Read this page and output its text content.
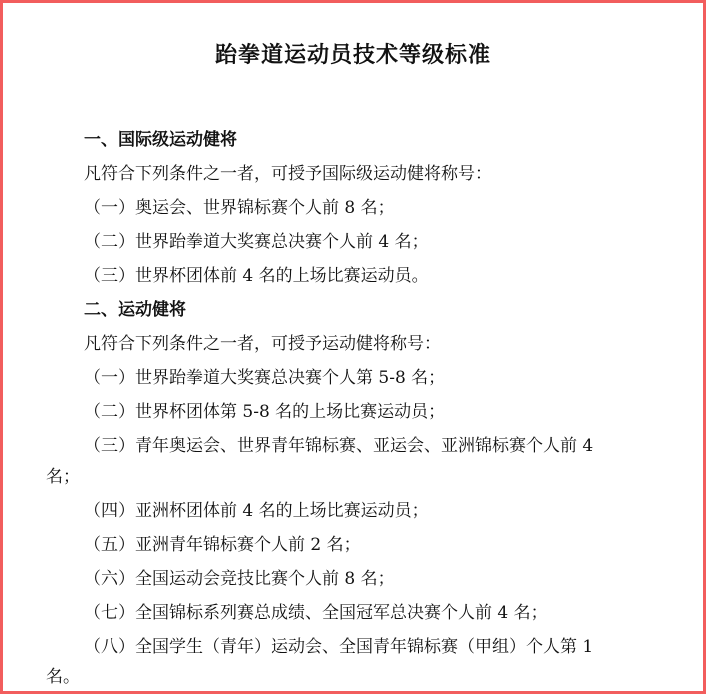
跆拳道运动员技术等级标准

一、国际级运动健将

凡符合下列条件之一者，可授予国际级运动健将称号：

（一）奥运会、世界锦标赛个人前 8 名；

（二）世界跆拳道大奖赛总决赛个人前 4 名；

（三）世界杯团体前 4 名的上场比赛运动员。

二、运动健将

凡符合下列条件之一者，可授予运动健将称号：

（一）世界跆拳道大奖赛总决赛个人第 5-8 名；

（二）世界杯团体第 5-8 名的上场比赛运动员；

（三）青年奥运会、世界青年锦标赛、亚运会、亚洲锦标赛个人前 4

名；

（四）亚洲杯团体前 4 名的上场比赛运动员；

（五）亚洲青年锦标赛个人前 2 名；

（六）全国运动会竞技比赛个人前 8 名；

（七）全国锦标系列赛总成绩、全国冠军总决赛个人前 4 名；

（八）全国学生（青年）运动会、全国青年锦标赛（甲组）个人第 1

名。
